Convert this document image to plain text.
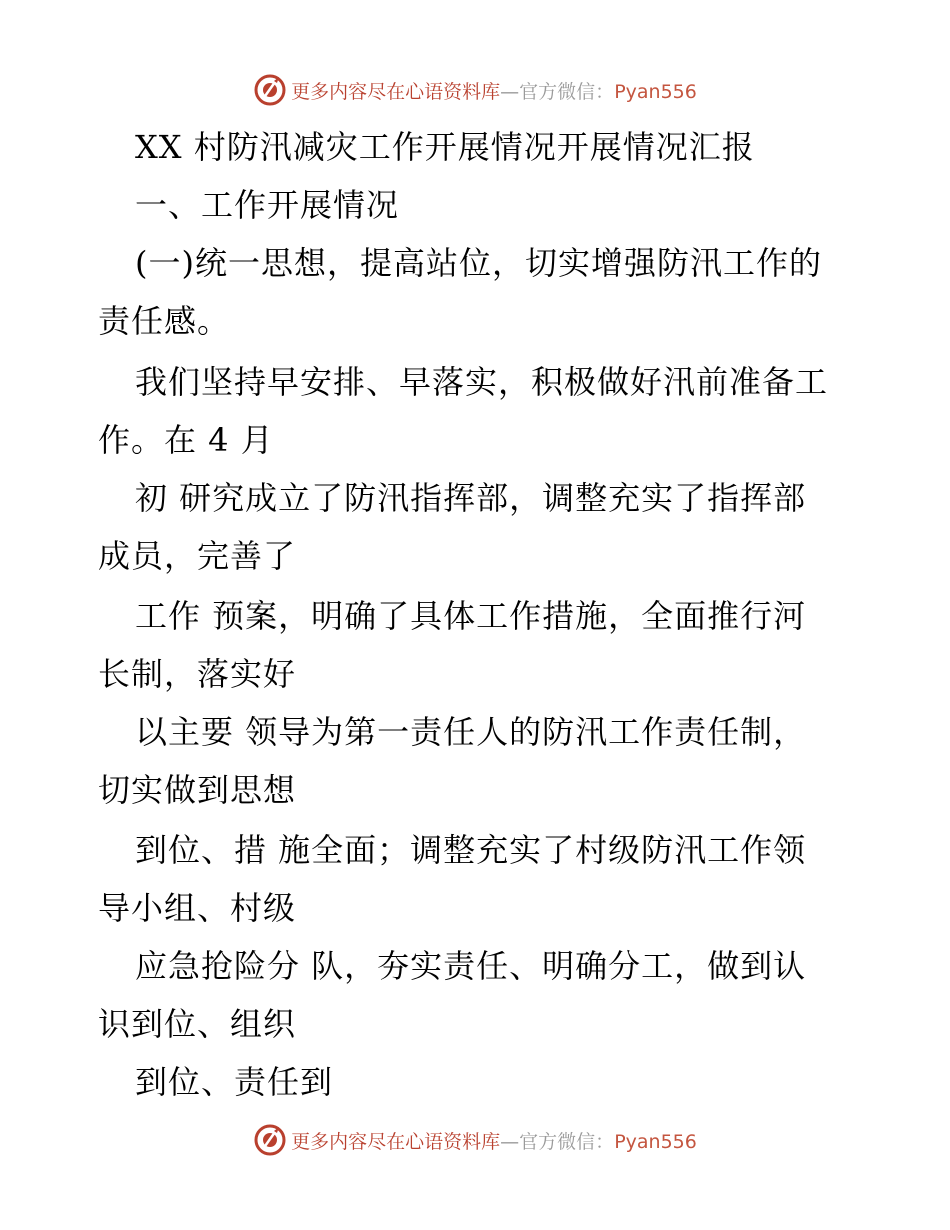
更多内容尽在心语资料库—官方微信：Pyan556
XX 村防汛减灾工作开展情况开展情况汇报
一、工作开展情况
(一)统一思想，提高站位，切实增强防汛工作的
责任感。
我们坚持早安排、早落实，积极做好汛前准备工
作。在 4 月
初 研究成立了防汛指挥部，调整充实了指挥部
成员，完善了
工作 预案，明确了具体工作措施，全面推行河
长制，落实好
以主要 领导为第一责任人的防汛工作责任制，
切实做到思想
到位、措 施全面；调整充实了村级防汛工作领
导小组、村级
应急抢险分 队，夯实责任、明确分工，做到认
识到位、组织
到位、责任到
更多内容尽在心语资料库—官方微信：Pyan556
